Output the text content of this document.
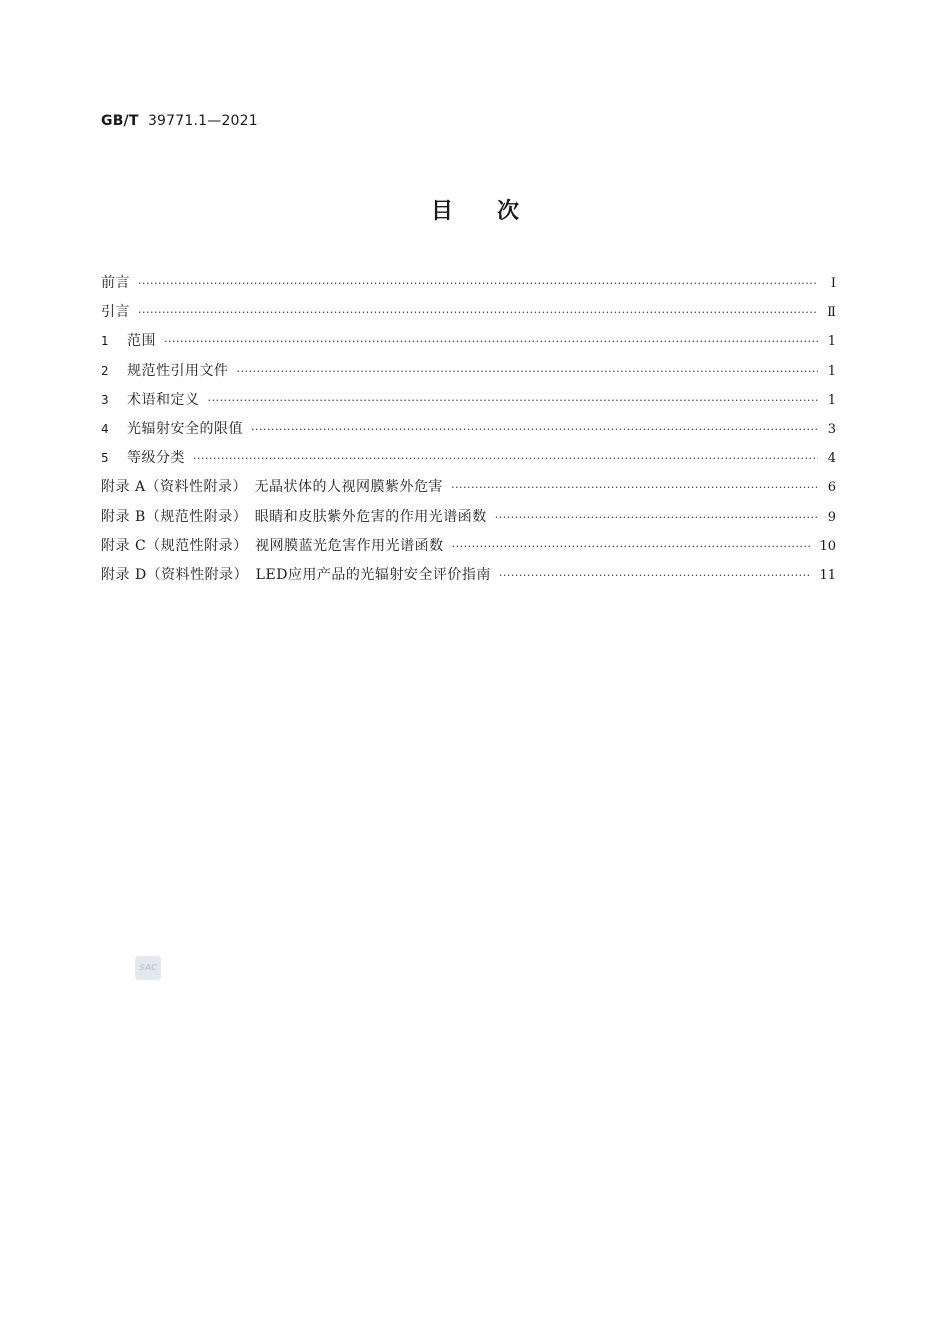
GB/T 39771.1—2021
目　　次
前言 ·····	Ⅰ
引言 ·····	Ⅱ
1 范围 ·····	1
2 规范性引用文件 ·····	1
3 术语和定义 ·····	1
4 光辐射安全的限值 ·····	3
5 等级分类 ·····	4
附录 A（资料性附录）　无晶状体的人视网膜紫外危害 ·····	6
附录 B（规范性附录）　眼睛和皮肤紫外危害的作用光谱函数 ·····	9
附录 C（规范性附录）　视网膜蓝光危害作用光谱函数 ·····	10
附录 D（资料性附录）　LED应用产品的光辐射安全评价指南 ·····	11
SAC
